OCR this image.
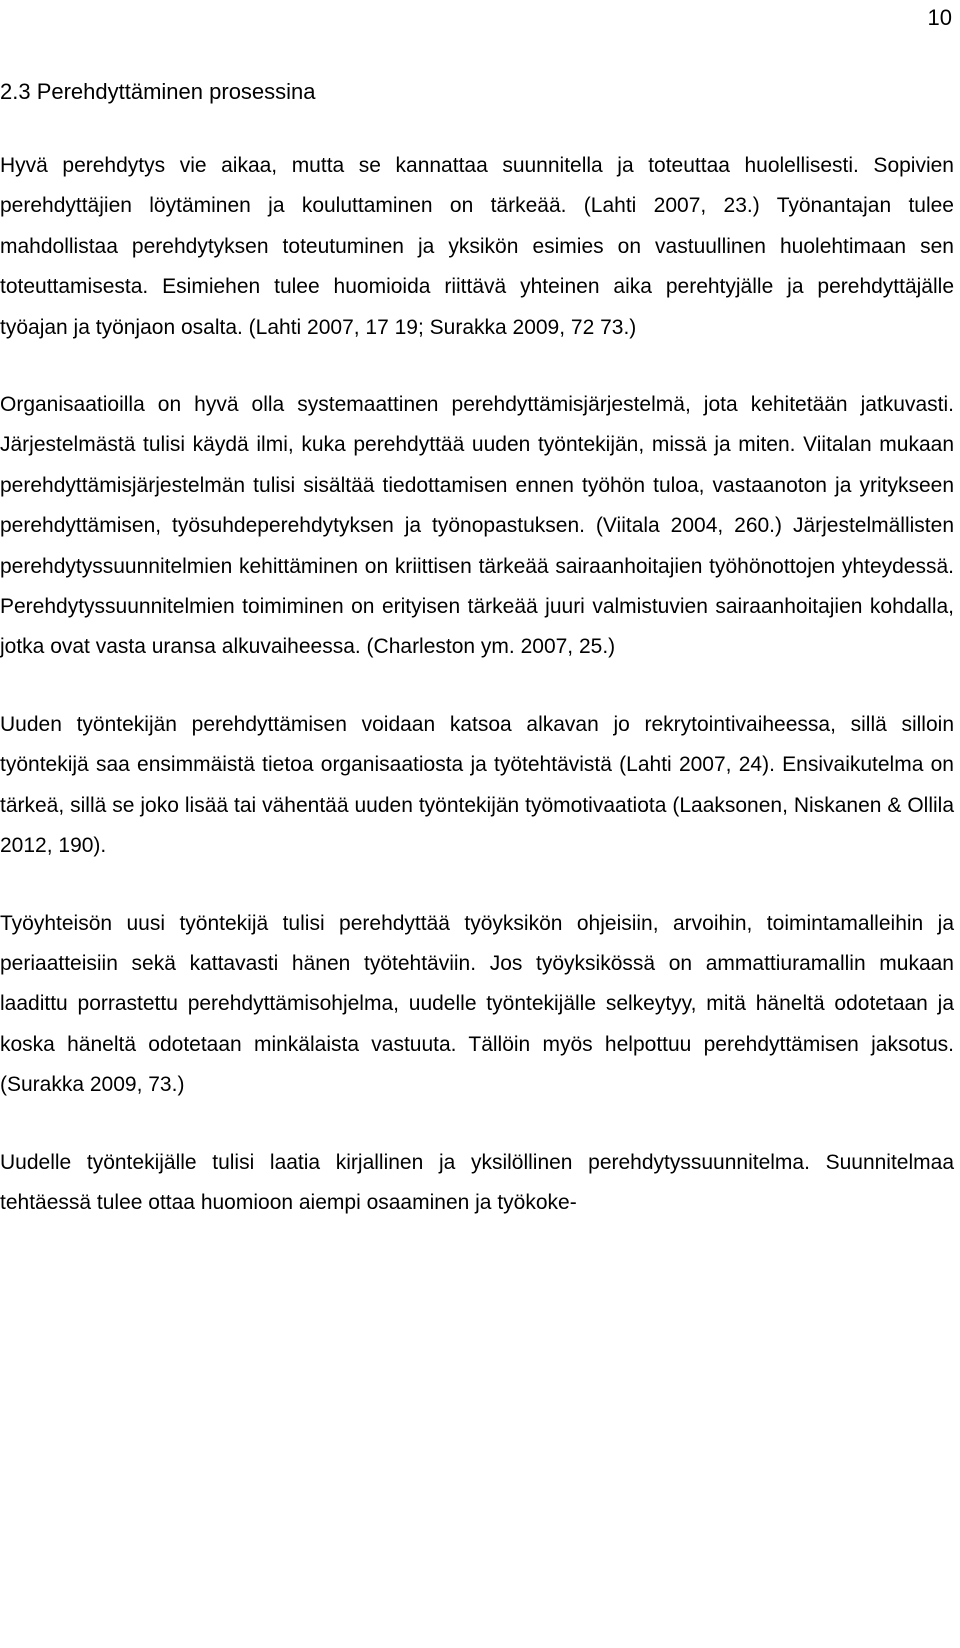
10
2.3 Perehdyttäminen prosessina

Hyvä perehdytys vie aikaa, mutta se kannattaa suunnitella ja toteuttaa huolellisesti. Sopivien perehdyttäjien löytäminen ja kouluttaminen on tärkeää. (Lahti 2007, 23.) Työnantajan tulee mahdollistaa perehdytyksen toteutuminen ja yksikön esimies on vastuullinen huolehtimaan sen toteuttamisesta. Esimiehen tulee huomioida riittävä yhteinen aika perehtyjälle ja perehdyttäjälle työajan ja työnjaon osalta. (Lahti 2007, 17 19; Surakka 2009, 72 73.)

Organisaatioilla on hyvä olla systemaattinen perehdyttämisjärjestelmä, jota kehitetään jatkuvasti. Järjestelmästä tulisi käydä ilmi, kuka perehdyttää uuden työntekijän, missä ja miten. Viitalan mukaan perehdyttämisjärjestelmän tulisi sisältää tiedottamisen ennen työhön tuloa, vastaanoton ja yritykseen perehdyttämisen, työsuhdeperehdytyksen ja työnopastuksen. (Viitala 2004, 260.) Järjestelmällisten perehdytyssuunnitelmien kehittäminen on kriittisen tärkeää sairaanhoitajien työhönottojen yhteydessä. Perehdytyssuunnitelmien toimiminen on erityisen tärkeää juuri valmistuvien sairaanhoitajien kohdalla, jotka ovat vasta uransa alkuvaiheessa. (Charleston ym. 2007, 25.)

Uuden työntekijän perehdyttämisen voidaan katsoa alkavan jo rekrytointivaiheessa, sillä silloin työntekijä saa ensimmäistä tietoa organisaatiosta ja työtehtävistä (Lahti 2007, 24). Ensivaikutelma on tärkeä, sillä se joko lisää tai vähentää uuden työntekijän työmotivaatiota (Laaksonen, Niskanen & Ollila 2012, 190).

Työyhteisön uusi työntekijä tulisi perehdyttää työyksikön ohjeisiin, arvoihin, toimintamalleihin ja periaatteisiin sekä kattavasti hänen työtehtäviin. Jos työyksikössä on ammattiuramallin mukaan laadittu porrastettu perehdyttämisohjelma, uudelle työntekijälle selkeytyy, mitä häneltä odotetaan ja koska häneltä odotetaan minkälaista vastuuta. Tällöin myös helpottuu perehdyttämisen jaksotus. (Surakka 2009, 73.)

Uudelle työntekijälle tulisi laatia kirjallinen ja yksilöllinen perehdytyssuunnitelma. Suunnitelmaa tehtäessä tulee ottaa huomioon aiempi osaaminen ja työkoke-
